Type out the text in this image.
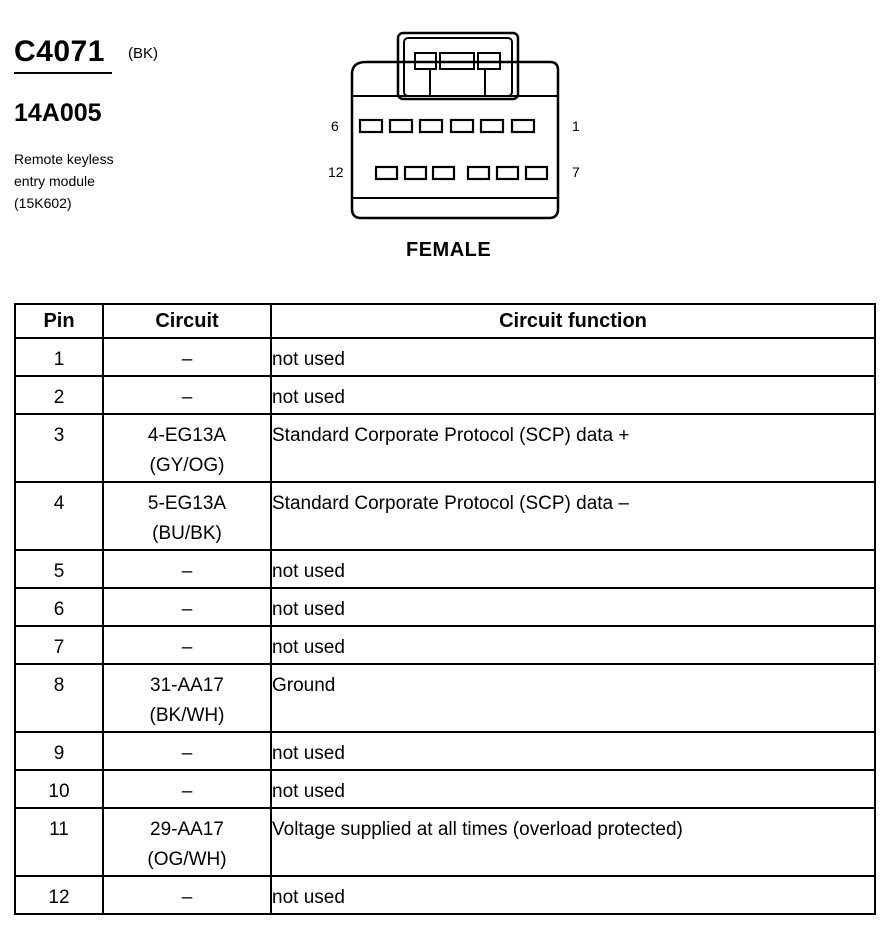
C4071 (BK)
14A005
Remote keyless
entry module
(15K602)
6	1
12	7
FEMALE
Pin	Circuit	Circuit function

1	–	not used

2	–	not used

3	4-EG13A
(GY/OG)	Standard Corporate Protocol (SCP) data +

4	5-EG13A
(BU/BK)	Standard Corporate Protocol (SCP) data –

5	–	not used

6	–	not used

7	–	not used

8	31-AA17
(BK/WH)	Ground

9	–	not used

10	–	not used

11	29-AA17
(OG/WH)	Voltage supplied at all times (overload protected)

12	–	not used
